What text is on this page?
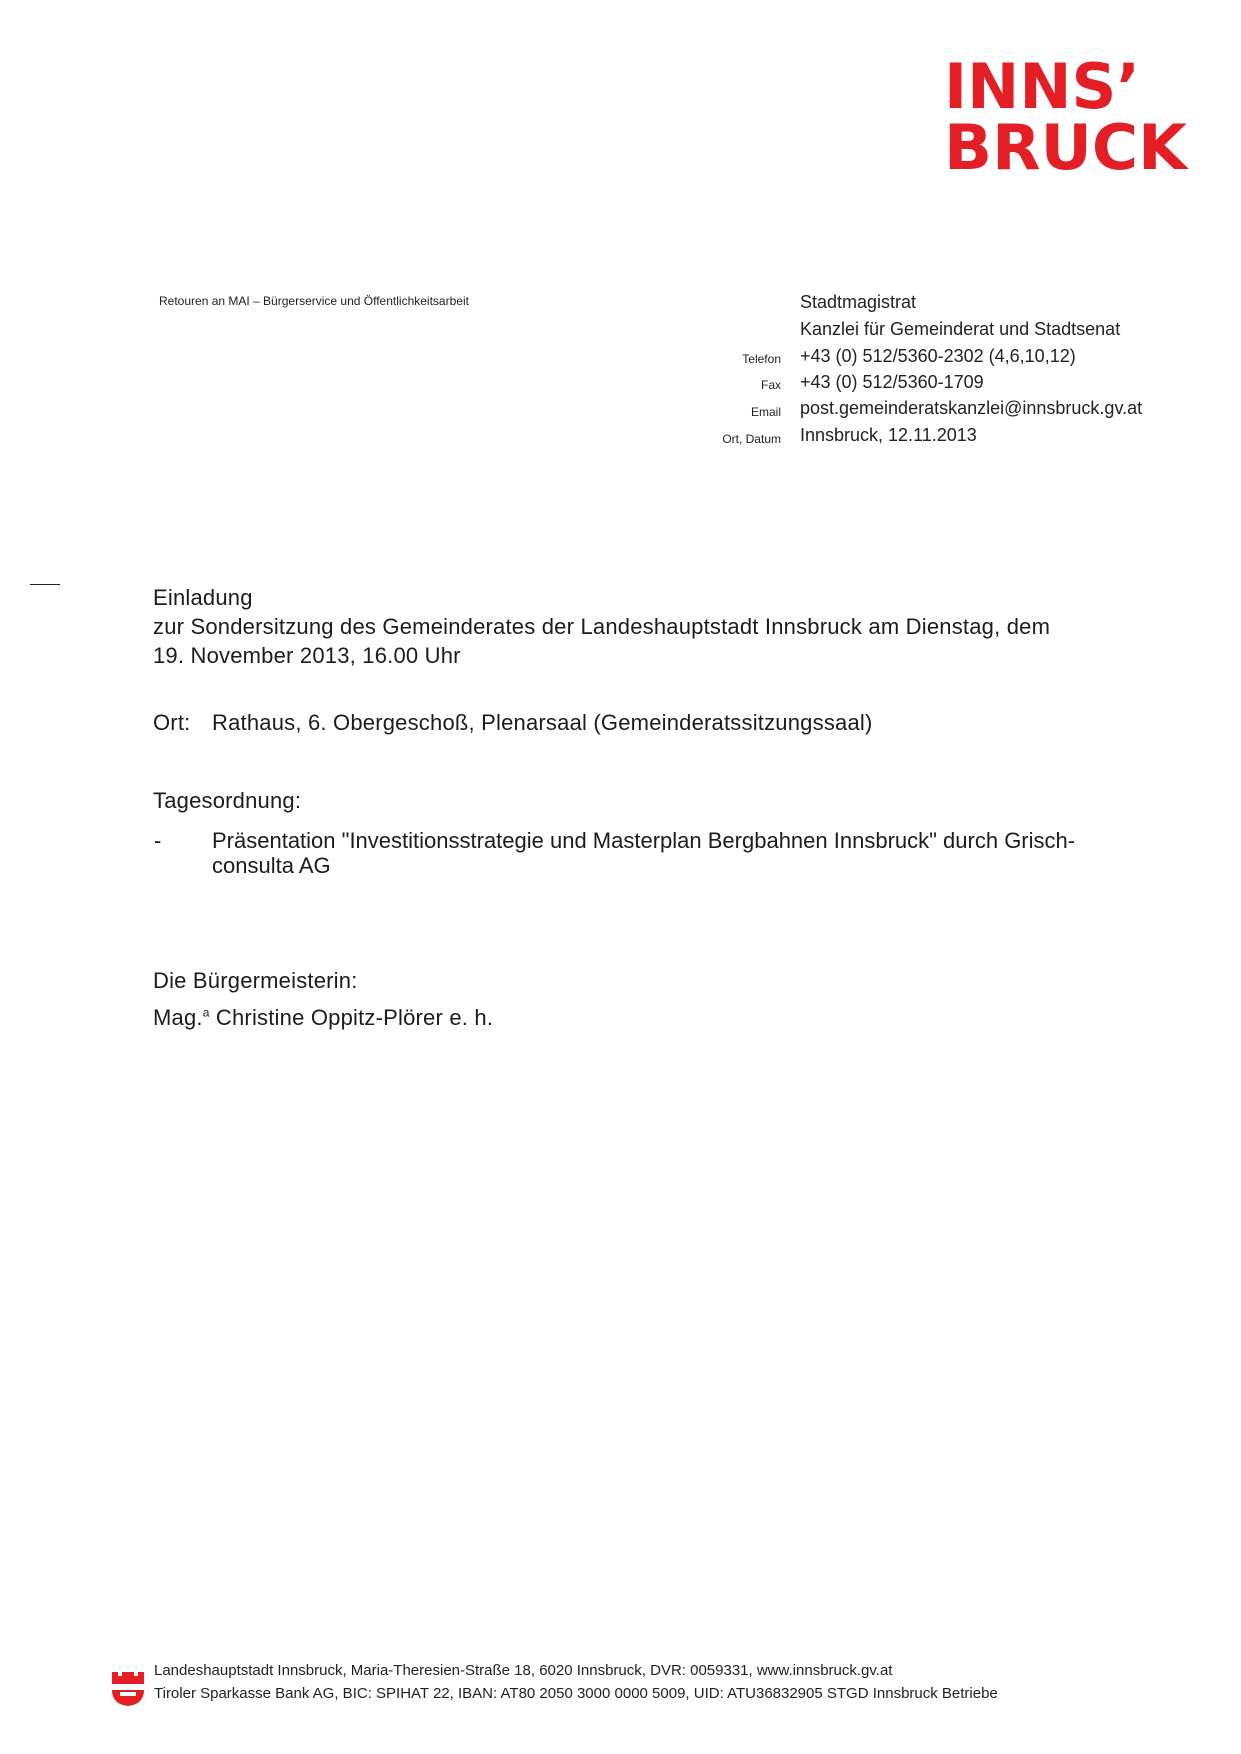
INNS’
BRUCK
Retouren an MAI – Bürgerservice und Öffentlichkeitsarbeit	Stadtmagistrat
Kanzlei für Gemeinderat und Stadtsenat
Telefon +43 (0) 512/5360-2302 (4,6,10,12)
Fax +43 (0) 512/5360-1709
Email post.gemeinderatskanzlei@innsbruck.gv.at
Ort, Datum Innsbruck, 12.11.2013
Einladung
zur Sondersitzung des Gemeinderates der Landeshauptstadt Innsbruck am Dienstag, dem
19. November 2013, 16.00 Uhr
Ort: Rathaus, 6. Obergeschoß, Plenarsaal (Gemeinderatssitzungssaal)
Tagesordnung:
- Präsentation "Investitionsstrategie und Masterplan Bergbahnen Innsbruck" durch Grisch-consulta AG
Die Bürgermeisterin:
Mag.$^a$ Christine Oppitz-Plörer e. h.
Landeshauptstadt Innsbruck, Maria-Theresien-Straße 18, 6020 Innsbruck, DVR: 0059331, www.innsbruck.gv.at
Tiroler Sparkasse Bank AG, BIC: SPIHAT 22, IBAN: AT80 2050 3000 0000 5009, UID: ATU36832905 STGD Innsbruck Betriebe
